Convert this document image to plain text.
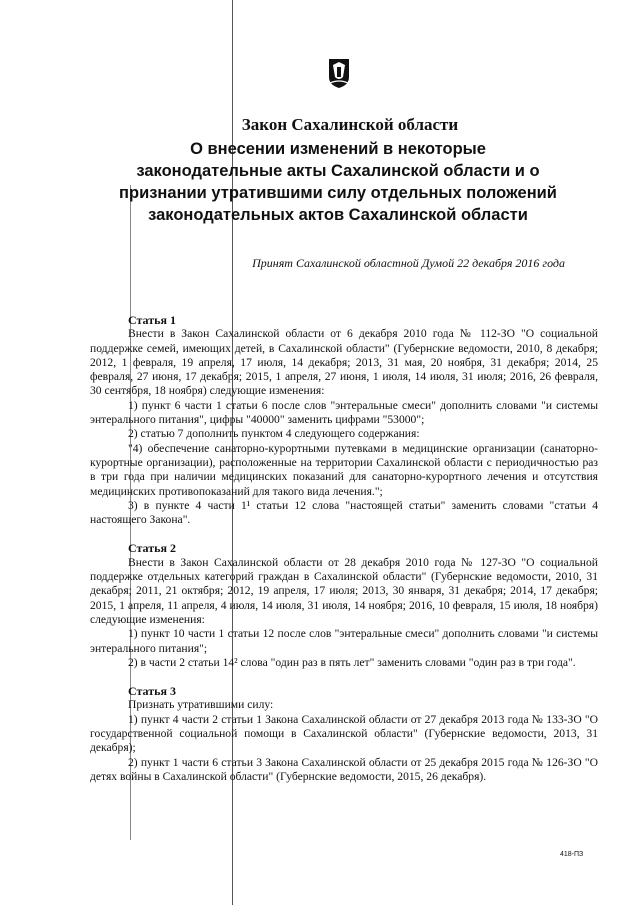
Закон Сахалинской области
О внесении изменений в некоторые законодательные акты Сахалинской области и о признании утратившими силу отдельных положений законодательных актов Сахалинской области

Принят Сахалинской областной Думой 22 декабря 2016 года

Статья 1

Внести в Закон Сахалинской области от 6 декабря 2010 года № 112-ЗО "О социальной поддержке семей, имеющих детей, в Сахалинской области" (Губернские ведомости, 2010, 8 декабря; 2012, 1 февраля, 19 апреля, 17 июля, 14 декабря; 2013, 31 мая, 20 ноября, 31 декабря; 2014, 25 февраля, 27 июня, 17 декабря; 2015, 1 апреля, 27 июня, 1 июля, 14 июля, 31 июля; 2016, 26 февраля, 30 сентября, 18 ноября) следующие изменения:

1) пункт 6 части 1 статьи 6 после слов "энтеральные смеси" дополнить словами "и системы энтерального питания", цифры "40000" заменить цифрами "53000";

2) статью 7 дополнить пунктом 4 следующего содержания:

"4) обеспечение санаторно-курортными путевками в медицинские организации (санаторно-курортные организации), расположенные на территории Сахалинской области с периодичностью раз в три года при наличии медицинских показаний для санаторно-курортного лечения и отсутствия медицинских противопоказаний для такого вида лечения.";

3) в пункте 4 части 1¹ статьи 12 слова "настоящей статьи" заменить словами "статьи 4 настоящего Закона".

Статья 2

Внести в Закон Сахалинской области от 28 декабря 2010 года № 127-ЗО "О социальной поддержке отдельных категорий граждан в Сахалинской области" (Губернские ведомости, 2010, 31 декабря; 2011, 21 октября; 2012, 19 апреля, 17 июля; 2013, 30 января, 31 декабря; 2014, 17 декабря; 2015, 1 апреля, 11 апреля, 4 июля, 14 июля, 31 июля, 14 ноября; 2016, 10 февраля, 15 июля, 18 ноября) следующие изменения:

1) пункт 10 части 1 статьи 12 после слов "энтеральные смеси" дополнить словами "и системы энтерального питания";

2) в части 2 статьи 14² слова "один раз в пять лет" заменить словами "один раз в три года".

Статья 3

Признать утратившими силу:

1) пункт 4 части 2 статьи 1 Закона Сахалинской области от 27 декабря 2013 года № 133-ЗО "О государственной социальной помощи в Сахалинской области" (Губернские ведомости, 2013, 31 декабря);

2) пункт 1 части 6 статьи 3 Закона Сахалинской области от 25 декабря 2015 года № 126-ЗО "О детях войны в Сахалинской области" (Губернские ведомости, 2015, 26 декабря).

418-ПЗ
